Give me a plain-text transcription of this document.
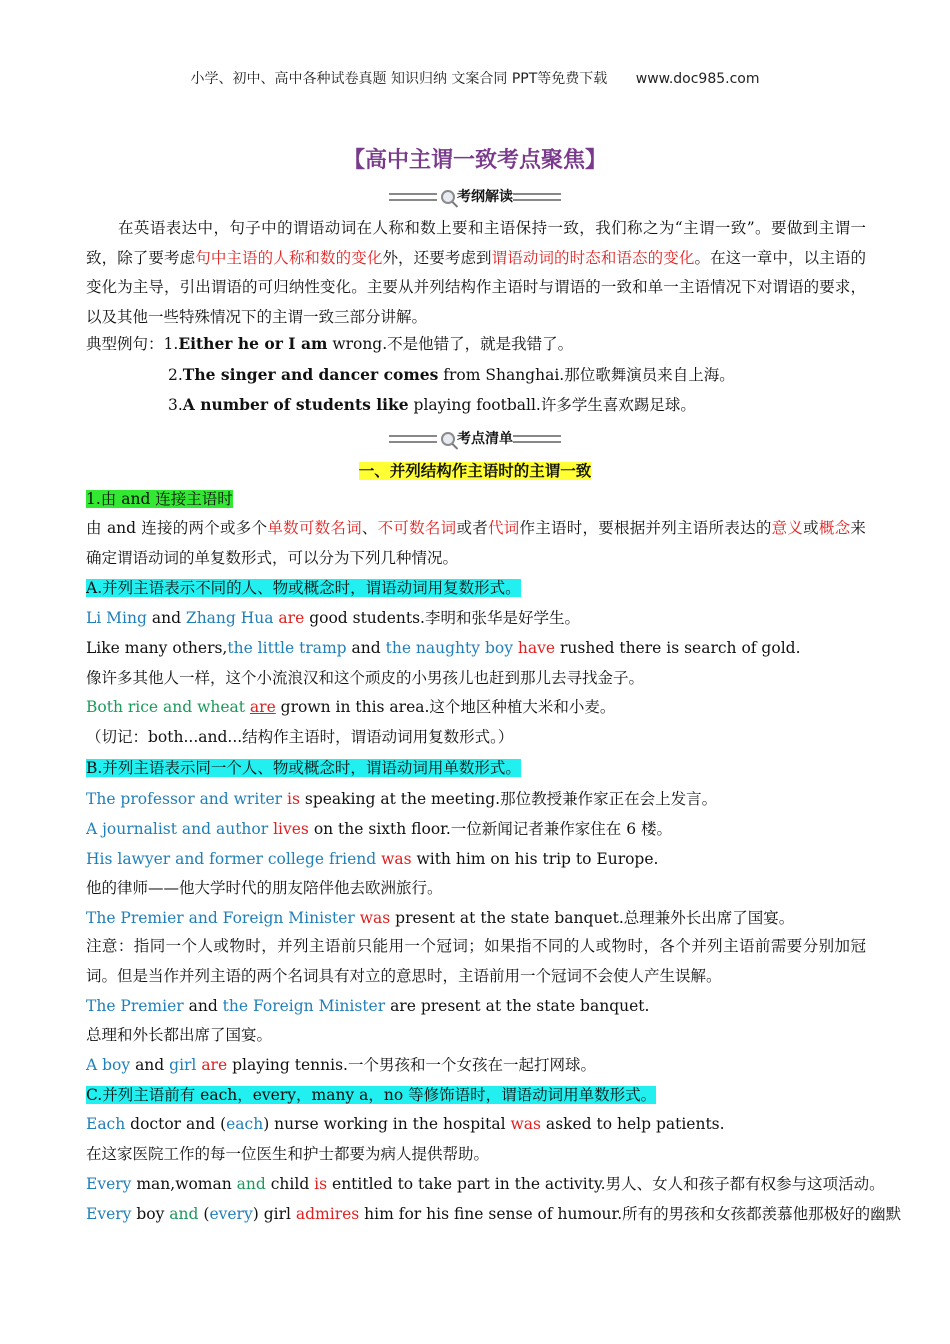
小学、初中、高中各种试卷真题 知识归纳 文案合同 PPT等免费下载 www.doc985.com
【高中主谓一致考点聚焦】
考纲解读
在英语表达中，句子中的谓语动词在人称和数上要和主语保持一致，我们称之为“主谓一致”。要做到主谓一致，除了要考虑句中主语的人称和数的变化外，还要考虑到谓语动词的时态和语态的变化。在这一章中，以主语的变化为主导，引出谓语的可归纳性变化。主要从并列结构作主语时与谓语的一致和单一主语情况下对谓语的要求，以及其他一些特殊情况下的主谓一致三部分讲解。
典型例句：1.Either he or I am wrong.不是他错了，就是我错了。
2.The singer and dancer comes from Shanghai.那位歌舞演员来自上海。
3.A number of students like playing football.许多学生喜欢踢足球。
考点清单
一、并列结构作主语时的主谓一致
1.由 and 连接主语时
由 and 连接的两个或多个单数可数名词、不可数名词或者代词作主语时，要根据并列主语所表达的意义或概念来确定谓语动词的单复数形式，可以分为下列几种情况。
A.并列主语表示不同的人、物或概念时，谓语动词用复数形式。
Li Ming and Zhang Hua are good students.李明和张华是好学生。
Like many others,the little tramp and the naughty boy have rushed there is search of gold.
像许多其他人一样，这个小流浪汉和这个顽皮的小男孩儿也赶到那儿去寻找金子。
Both rice and wheat are grown in this area.这个地区种植大米和小麦。
（切记：both...and...结构作主语时，谓语动词用复数形式。）
B.并列主语表示同一个人、物或概念时，谓语动词用单数形式。
The professor and writer is speaking at the meeting.那位教授兼作家正在会上发言。
A journalist and author lives on the sixth floor.一位新闻记者兼作家住在 6 楼。
His lawyer and former college friend was with him on his trip to Europe.
他的律师——他大学时代的朋友陪伴他去欧洲旅行。
The Premier and Foreign Minister was present at the state banquet.总理兼外长出席了国宴。
注意：指同一个人或物时，并列主语前只能用一个冠词；如果指不同的人或物时，各个并列主语前需要分别加冠词。但是当作并列主语的两个名词具有对立的意思时，主语前用一个冠词不会使人产生误解。
The Premier and the Foreign Minister are present at the state banquet.
总理和外长都出席了国宴。
A boy and girl are playing tennis.一个男孩和一个女孩在一起打网球。
C.并列主语前有 each，every，many a，no 等修饰语时，谓语动词用单数形式。
Each doctor and (each) nurse working in the hospital was asked to help patients.
在这家医院工作的每一位医生和护士都要为病人提供帮助。
Every man,woman and child is entitled to take part in the activity.男人、女人和孩子都有权参与这项活动。
Every boy and (every) girl admires him for his fine sense of humour.所有的男孩和女孩都羡慕他那极好的幽默
